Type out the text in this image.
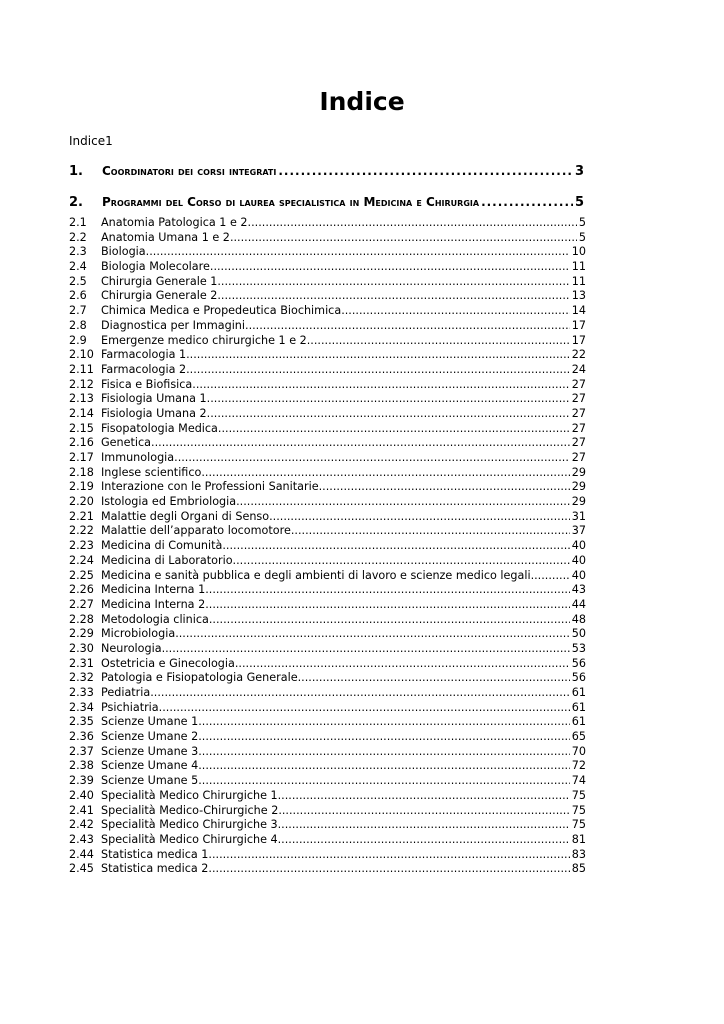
Indice
Indice1
1.	Coordinatori dei corsi integrati .....	3
2.	Programmi del Corso di laurea specialistica in Medicina e Chirurgia .....	5
2.1	Anatomia Patologica 1 e 2 .....	5
2.2	Anatomia Umana 1 e 2 .....	5
2.3	Biologia .....	10
2.4	Biologia Molecolare .....	11
2.5	Chirurgia Generale 1 .....	11
2.6	Chirurgia Generale 2 .....	13
2.7	Chimica Medica e Propedeutica Biochimica .....	14
2.8	Diagnostica per Immagini .....	17
2.9	Emergenze medico chirurgiche 1 e 2 .....	17
2.10 Farmacologia 1 .....	22
2.11 Farmacologia 2 .....	24
2.12 Fisica e Biofisica .....	27
2.13 Fisiologia Umana 1 .....	27
2.14 Fisiologia Umana 2 .....	27
2.15 Fisopatologia Medica .....	27
2.16 Genetica .....	27
2.17 Immunologia .....	27
2.18 Inglese scientifico .....	29
2.19 Interazione con le Professioni Sanitarie .....	29
2.20 Istologia ed Embriologia .....	29
2.21 Malattie degli Organi di Senso .....	31
2.22 Malattie dell’apparato locomotore .....	37
2.23 Medicina di Comunità .....	40
2.24 Medicina di Laboratorio .....	40
2.25 Medicina e sanità pubblica e degli ambienti di lavoro e scienze medico legali .....	40
2.26 Medicina Interna 1 .....	43
2.27 Medicina Interna 2 .....	44
2.28 Metodologia clinica .....	48
2.29 Microbiologia .....	50
2.30 Neurologia .....	53
2.31 Ostetricia e Ginecologia .....	56
2.32 Patologia e Fisiopatologia Generale .....	56
2.33 Pediatria .....	61
2.34 Psichiatria .....	61
2.35 Scienze Umane 1 .....	61
2.36 Scienze Umane 2 .....	65
2.37 Scienze Umane 3 .....	70
2.38 Scienze Umane 4 .....	72
2.39 Scienze Umane 5 .....	74
2.40 Specialità Medico Chirurgiche 1 .....	75
2.41 Specialità Medico-Chirurgiche 2 .....	75
2.42 Specialità Medico Chirurgiche 3 .....	75
2.43 Specialità Medico Chirurgiche 4 .....	81
2.44 Statistica medica 1 .....	83
2.45 Statistica medica 2 .....	85
